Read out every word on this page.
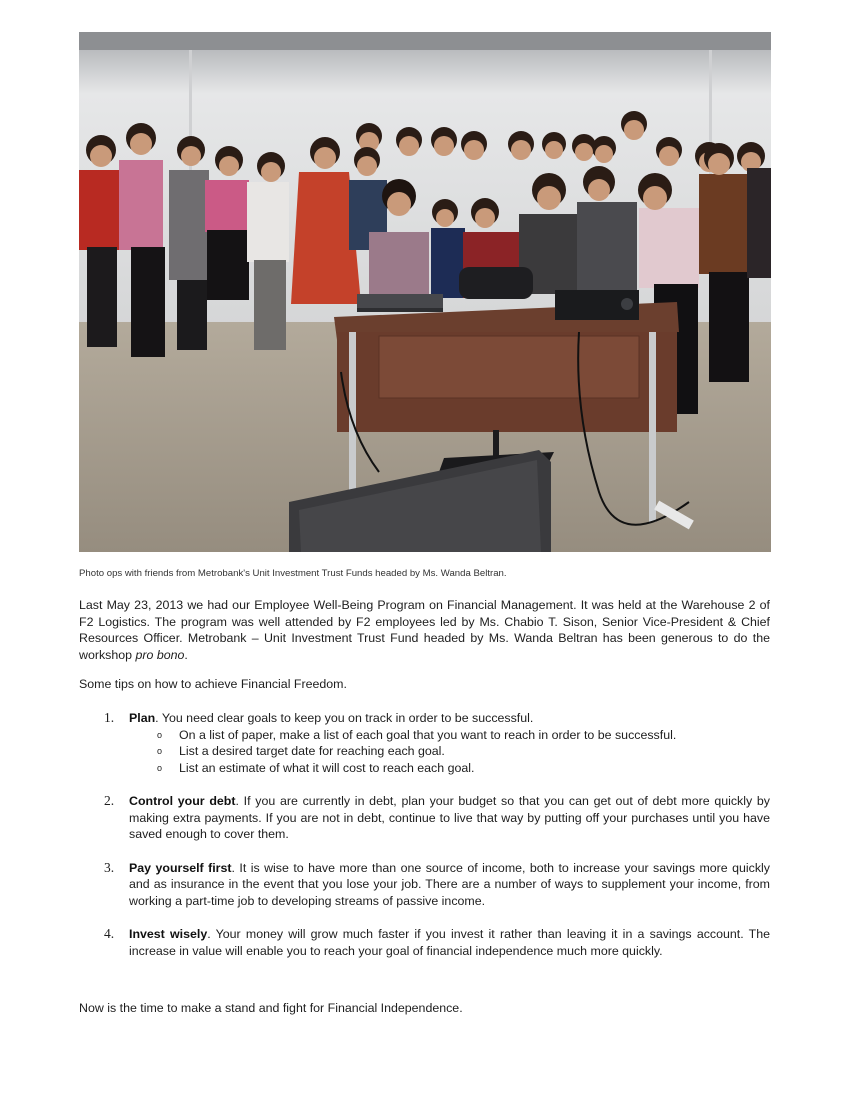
Photo ops with friends from Metrobank's Unit Investment Trust Funds headed by Ms. Wanda Beltran.

Last May 23, 2013 we had our Employee Well-Being Program on Financial Management. It was held at the Warehouse 2 of F2 Logistics. The program was well attended by F2 employees led by Ms. Chabio T. Sison, Senior Vice-President & Chief Resources Officer. Metrobank – Unit Investment Trust Fund headed by Ms. Wanda Beltran has been generous to do the workshop pro bono.

Some tips on how to achieve Financial Freedom.

1. Plan. You need clear goals to keep you on track in order to be successful.
o On a list of paper, make a list of each goal that you want to reach in order to be successful.
o List a desired target date for reaching each goal.
o List an estimate of what it will cost to reach each goal.
2. Control your debt. If you are currently in debt, plan your budget so that you can get out of debt more quickly by making extra payments. If you are not in debt, continue to live that way by putting off your purchases until you have saved enough to cover them.
3. Pay yourself first. It is wise to have more than one source of income, both to increase your savings more quickly and as insurance in the event that you lose your job. There are a number of ways to supplement your income, from working a part-time job to developing streams of passive income.
4. Invest wisely. Your money will grow much faster if you invest it rather than leaving it in a savings account. The increase in value will enable you to reach your goal of financial independence much more quickly.

Now is the time to make a stand and fight for Financial Independence.
